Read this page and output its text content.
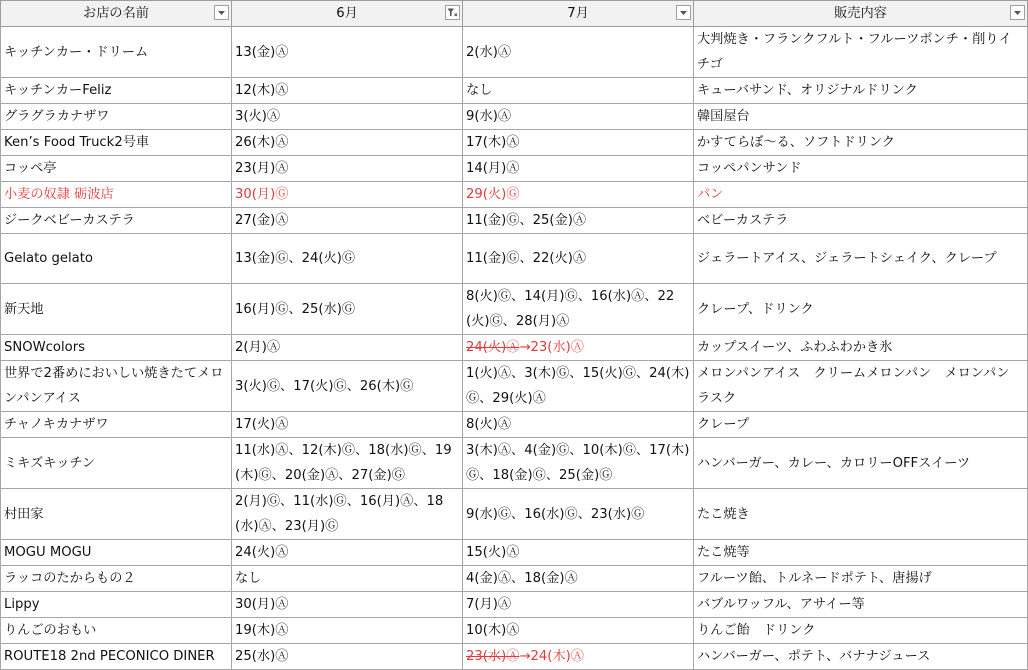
お店の名前	6月	7月	販売内容

キッチンカー・ドリーム	13(金)Ⓐ	2(水)Ⓐ	大判焼き・フランクフルト・フルーツポンチ・削りイチゴ
キッチンカーFeliz	12(木)Ⓐ	なし	キューバサンド、オリジナルドリンク
グラグラカナザワ	3(火)Ⓐ	9(水)Ⓐ	韓国屋台
Ken’s Food Truck2号車	26(木)Ⓐ	17(木)Ⓐ	かすてらぼ〜る、ソフトドリンク
コッペ亭	23(月)Ⓐ	14(月)Ⓐ	コッペパンサンド
小麦の奴隷 砺波店	30(月)Ⓖ	29(火)Ⓖ	パン
ジークベビーカステラ	27(金)Ⓐ	11(金)Ⓖ、25(金)Ⓐ	ベビーカステラ
Gelato gelato	13(金)Ⓖ、24(火)Ⓖ	11(金)Ⓖ、22(火)Ⓐ	ジェラートアイス、ジェラートシェイク、クレープ
新天地	16(月)Ⓖ、25(水)Ⓖ	8(火)Ⓖ、14(月)Ⓖ、16(水)Ⓐ、22(火)Ⓖ、28(月)Ⓐ	クレープ、ドリンク
SNOWcolors	2(月)Ⓐ	24(火)Ⓐ→23(水)Ⓐ	カップスイーツ、ふわふわかき氷
世界で2番めにおいしい焼きたてメロンパンアイス	3(火)Ⓖ、17(火)Ⓖ、26(木)Ⓖ	1(火)Ⓐ、3(木)Ⓖ、15(火)Ⓖ、24(木)Ⓖ、29(火)Ⓐ	メロンパンアイス　クリームメロンパン　メロンパン　ラスク
チャノキカナザワ	17(火)Ⓐ	8(火)Ⓐ	クレープ
ミキズキッチン	11(水)Ⓐ、12(木)Ⓖ、18(水)Ⓖ、19(木)Ⓖ、20(金)Ⓐ、27(金)Ⓖ	3(木)Ⓐ、4(金)Ⓖ、10(木)Ⓖ、17(木)Ⓖ、18(金)Ⓖ、25(金)Ⓖ	ハンバーガー、カレー、カロリーOFFスイーツ
村田家	2(月)Ⓖ、11(水)Ⓖ、16(月)Ⓐ、18(水)Ⓐ、23(月)Ⓖ	9(水)Ⓖ、16(水)Ⓖ、23(水)Ⓖ	たこ焼き
MOGU MOGU	24(火)Ⓐ	15(火)Ⓐ	たこ焼等
ラッコのたからもの２	なし	4(金)Ⓐ、18(金)Ⓐ	フルーツ飴、トルネードポテト、唐揚げ
Lippy	30(月)Ⓐ	7(月)Ⓐ	バブルワッフル、アサイー等
りんごのおもい	19(木)Ⓐ	10(木)Ⓐ	りんご飴　ドリンク
ROUTE18 2nd PECONICO DINER	25(水)Ⓐ	23(水)Ⓐ→24(木)Ⓐ	ハンバーガー、ポテト、バナナジュース
